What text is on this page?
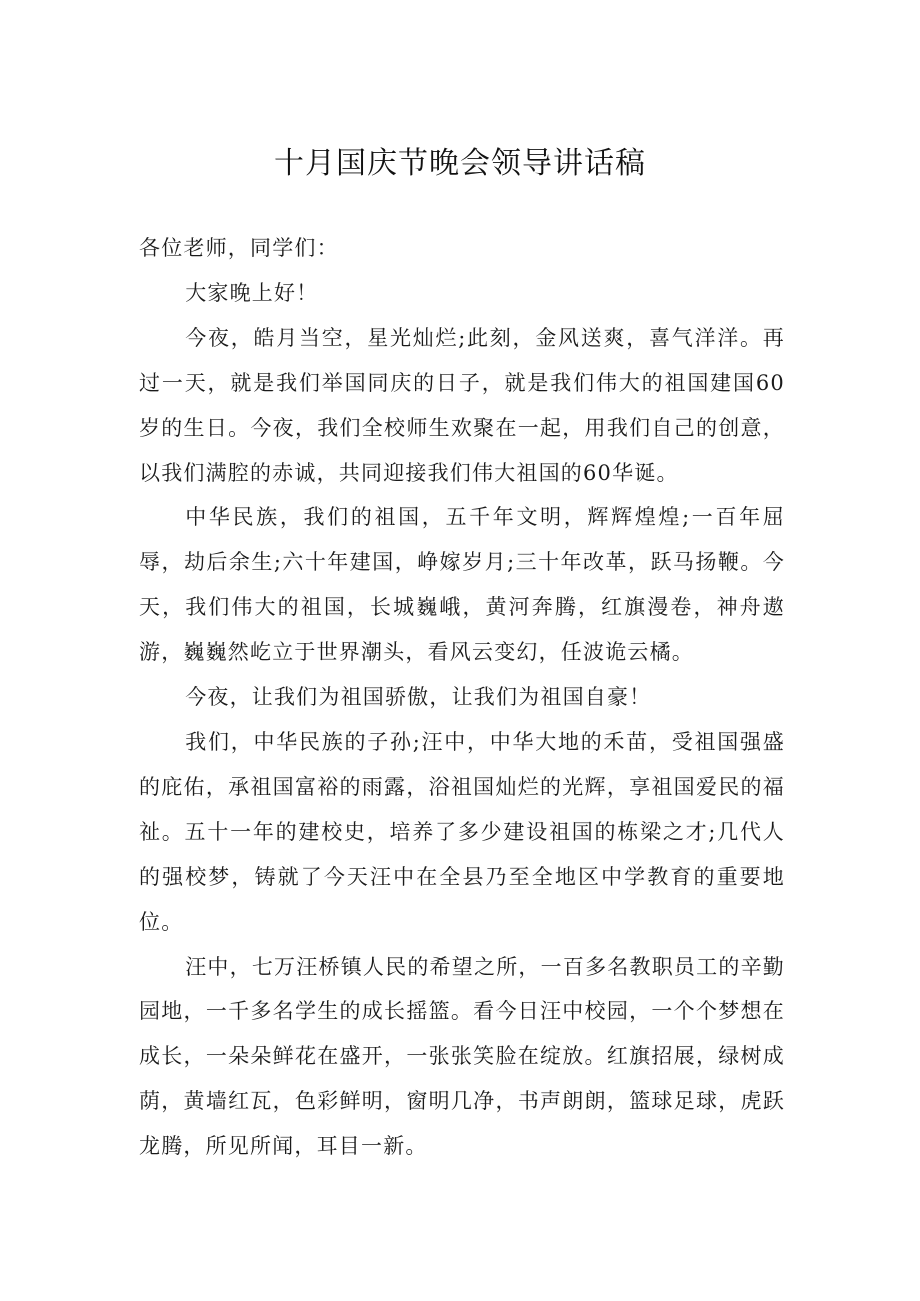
十月国庆节晚会领导讲话稿

各位老师，同学们：

大家晚上好！

今夜，皓月当空，星光灿烂;此刻，金风送爽，喜气洋洋。再过一天，就是我们举国同庆的日子，就是我们伟大的祖国建国60岁的生日。今夜，我们全校师生欢聚在一起，用我们自己的创意，以我们满腔的赤诚，共同迎接我们伟大祖国的60华诞。

中华民族，我们的祖国，五千年文明，辉辉煌煌;一百年屈辱，劫后余生;六十年建国，峥嫁岁月;三十年改革，跃马扬鞭。今天，我们伟大的祖国，长城巍峨，黄河奔腾，红旗漫卷，神舟遨游，巍巍然屹立于世界潮头，看风云变幻，任波诡云橘。

今夜，让我们为祖国骄傲，让我们为祖国自豪！

我们，中华民族的子孙;汪中，中华大地的禾苗，受祖国强盛的庇佑，承祖国富裕的雨露，浴祖国灿烂的光辉，享祖国爱民的福祉。五十一年的建校史，培养了多少建设祖国的栋梁之才;几代人的强校梦，铸就了今天汪中在全县乃至全地区中学教育的重要地位。

汪中，七万汪桥镇人民的希望之所，一百多名教职员工的辛勤园地，一千多名学生的成长摇篮。看今日汪中校园，一个个梦想在成长，一朵朵鲜花在盛开，一张张笑脸在绽放。红旗招展，绿树成荫，黄墙红瓦，色彩鲜明，窗明几净，书声朗朗，篮球足球，虎跃龙腾，所见所闻，耳目一新。
